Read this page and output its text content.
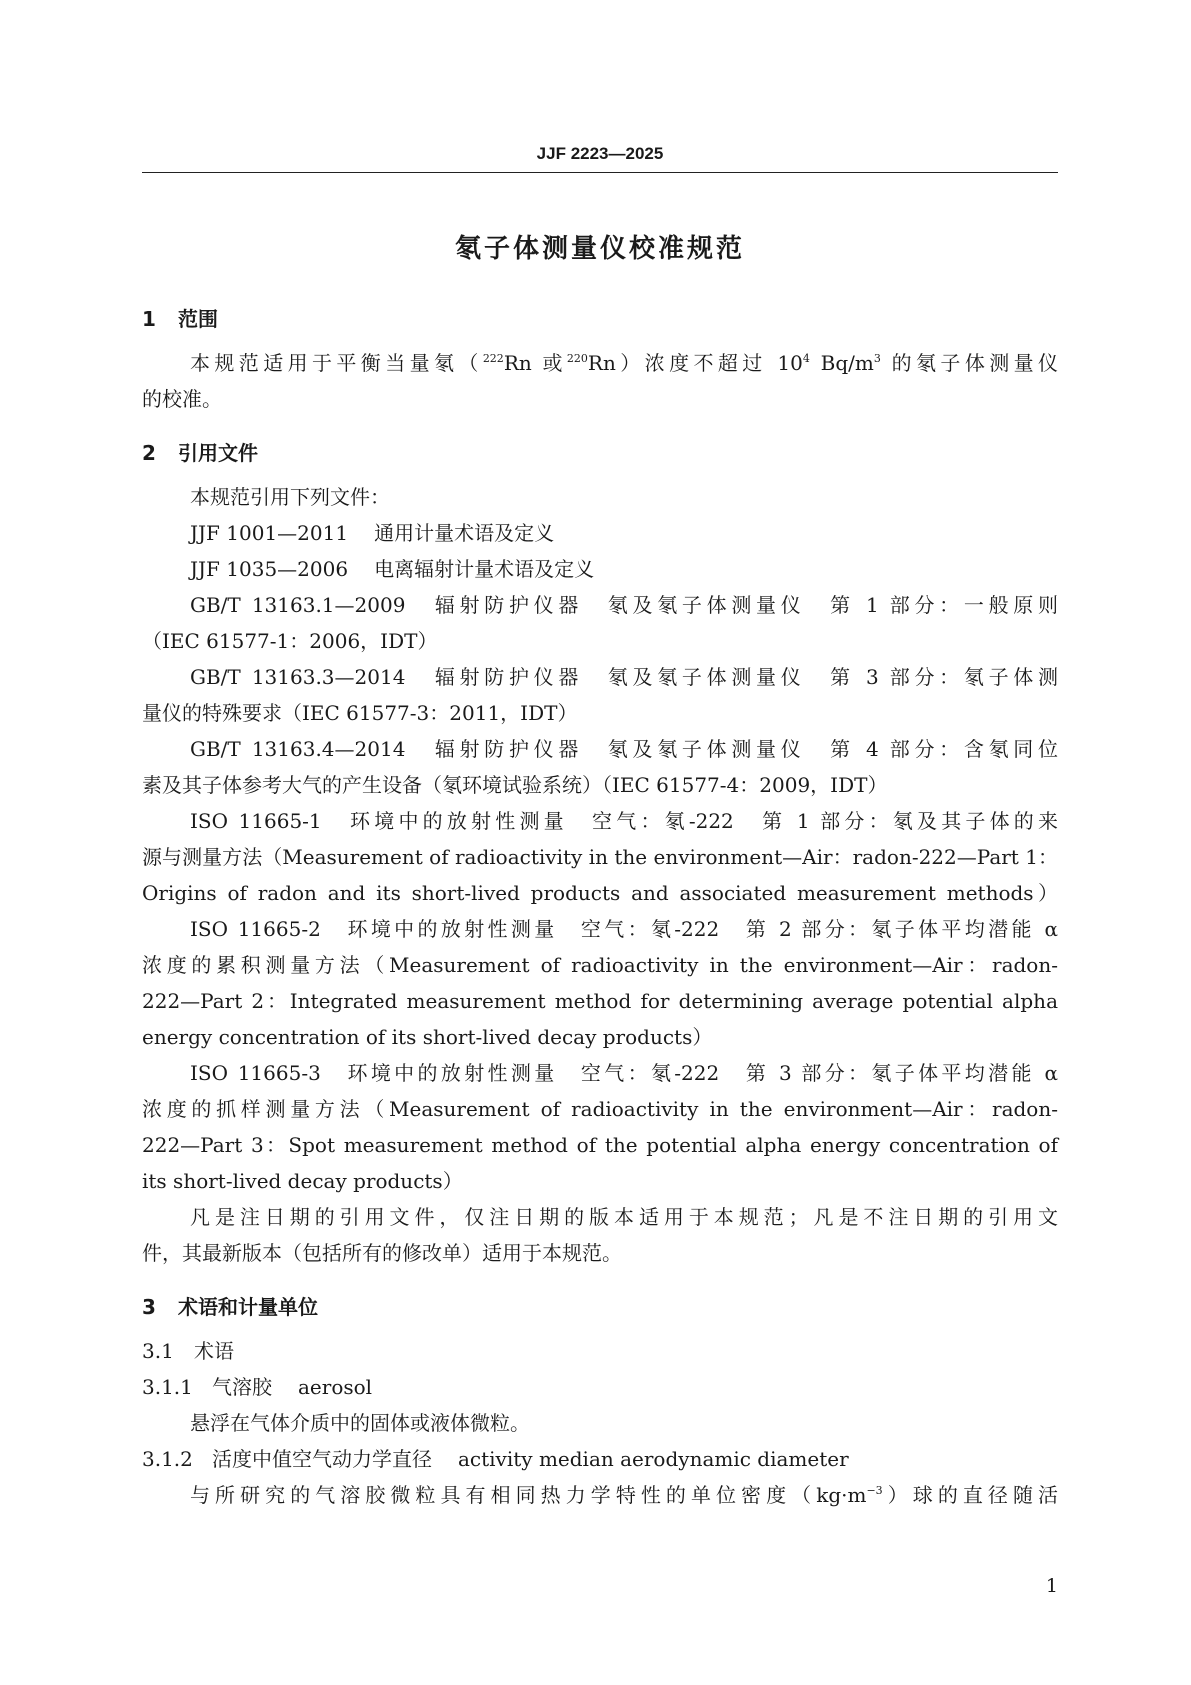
JJF 2223—2025
氡子体测量仪校准规范
1 范围
本规范适用于平衡当量氡（$^{222}$Rn 或$^{220}$Rn）浓度不超过 $10^4$ $Bq/m^3$ 的氡子体测量仪
的校准。
2 引用文件
本规范引用下列文件：
JJF 1001—2011 通用计量术语及定义
JJF 1035—2006 电离辐射计量术语及定义
GB/T 13163.1—2009　辐射防护仪器　氡及氡子体测量仪　第 1 部分：一般原则
（IEC 61577-1：2006，IDT）
GB/T 13163.3—2014　辐射防护仪器　氡及氡子体测量仪　第 3 部分：氡子体测
量仪的特殊要求（IEC 61577-3：2011，IDT）
GB/T 13163.4—2014　辐射防护仪器　氡及氡子体测量仪　第 4 部分：含氡同位
素及其子体参考大气的产生设备（氡环境试验系统）（IEC 61577-4：2009，IDT）
ISO 11665-1　环境中的放射性测量　空气：氡-222　第 1 部分：氡及其子体的来
源与测量方法（Measurement of radioactivity in the environment—Air：radon-222—Part 1：
Origins of radon and its short-lived products and associated measurement methods）
ISO 11665-2　环境中的放射性测量　空气：氡-222　第 2 部分：氡子体平均潜能 α
浓度的累积测量方法（Measurement of radioactivity in the environment—Air：radon-
222—Part 2：Integrated measurement method for determining average potential alpha
energy concentration of its short-lived decay products）
ISO 11665-3　环境中的放射性测量　空气：氡-222　第 3 部分：氡子体平均潜能 α
浓度的抓样测量方法（Measurement of radioactivity in the environment—Air：radon-
222—Part 3：Spot measurement method of the potential alpha energy concentration of
its short-lived decay products）
凡是注日期的引用文件，仅注日期的版本适用于本规范；凡是不注日期的引用文
件，其最新版本（包括所有的修改单）适用于本规范。
3 术语和计量单位
3.1 术语
3.1.1 气溶胶 aerosol
悬浮在气体介质中的固体或液体微粒。
3.1.2 活度中值空气动力学直径 activity median aerodynamic diameter
与所研究的气溶胶微粒具有相同热力学特性的单位密度$(kg\cdot m^{-3})$球的直径随活
1
